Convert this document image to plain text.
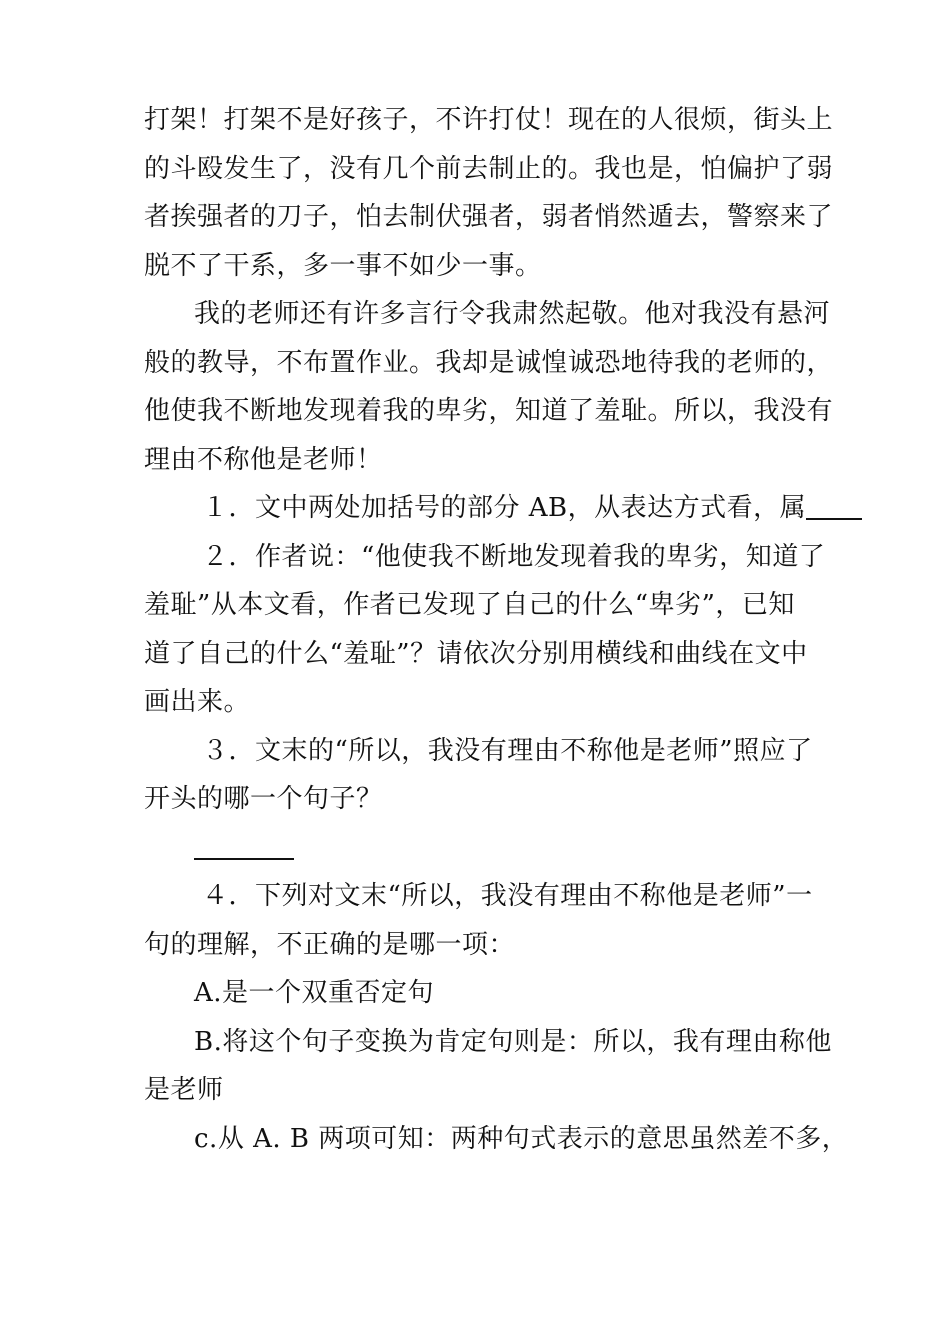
打架！打架不是好孩子，不许打仗！现在的人很烦，街头上
的斗殴发生了，没有几个前去制止的。我也是，怕偏护了弱
者挨强者的刀子，怕去制伏强者，弱者悄然遁去，警察来了
脱不了干系，多一事不如少一事。
我的老师还有许多言行令我肃然起敬。他对我没有悬河
般的教导，不布置作业。我却是诚惶诚恐地待我的老师的，
他使我不断地发现着我的卑劣，知道了羞耻。所以，我没有
理由不称他是老师！
１．文中两处加括号的部分 AB，从表达方式看，属
２．作者说：“他使我不断地发现着我的卑劣，知道了
羞耻”从本文看，作者已发现了自己的什么“卑劣”，已知
道了自己的什么“羞耻”？请依次分别用横线和曲线在文中
画出来。
３．文末的“所以，我没有理由不称他是老师”照应了
开头的哪一个句子？
４．下列对文末“所以，我没有理由不称他是老师”一
句的理解，不正确的是哪一项：
A.是一个双重否定句
B.将这个句子变换为肯定句则是：所以，我有理由称他
是老师
c.从 A. B 两项可知：两种句式表示的意思虽然差不多，
